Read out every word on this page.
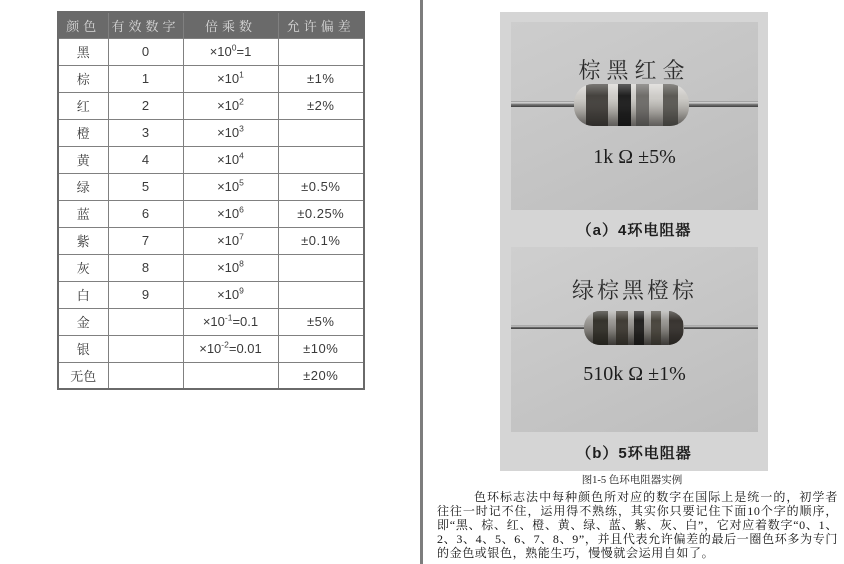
颜色	有效数字	倍乘数	允许偏差
黑	0	$\times 10^0=1$	
棕	1	$\times 10^1$	±1%
红	2	$\times 10^2$	±2%
橙	3	$\times 10^3$	
黄	4	$\times 10^4$	
绿	5	$\times 10^5$	±0.5%
蓝	6	$\times 10^6$	±0.25%
紫	7	$\times 10^7$	±0.1%
灰	8	$\times 10^8$	
白	9	$\times 10^9$	
金		$\times 10^{-1}=0.1$	±5%
银		$\times 10^{-2}=0.01$	±10%
无色			±20%
棕黑红金
1k Ω ±5%
（a）4环电阻器
绿棕黑橙棕
510k Ω ±1%
（b）5环电阻器
图1-5 色环电阻器实例
色环标志法中每种颜色所对应的数字在国际上是统一的，初学者往往一时记不住，运用得不熟练，其实你只要记住下面10个字的顺序，即“黑、棕、红、橙、黄、绿、蓝、紫、灰、白”，它对应着数字“0、1、2、3、4、5、6、7、8、9”，并且代表允许偏差的最后一圈色环多为专门的金色或银色，熟能生巧，慢慢就会运用自如了。
